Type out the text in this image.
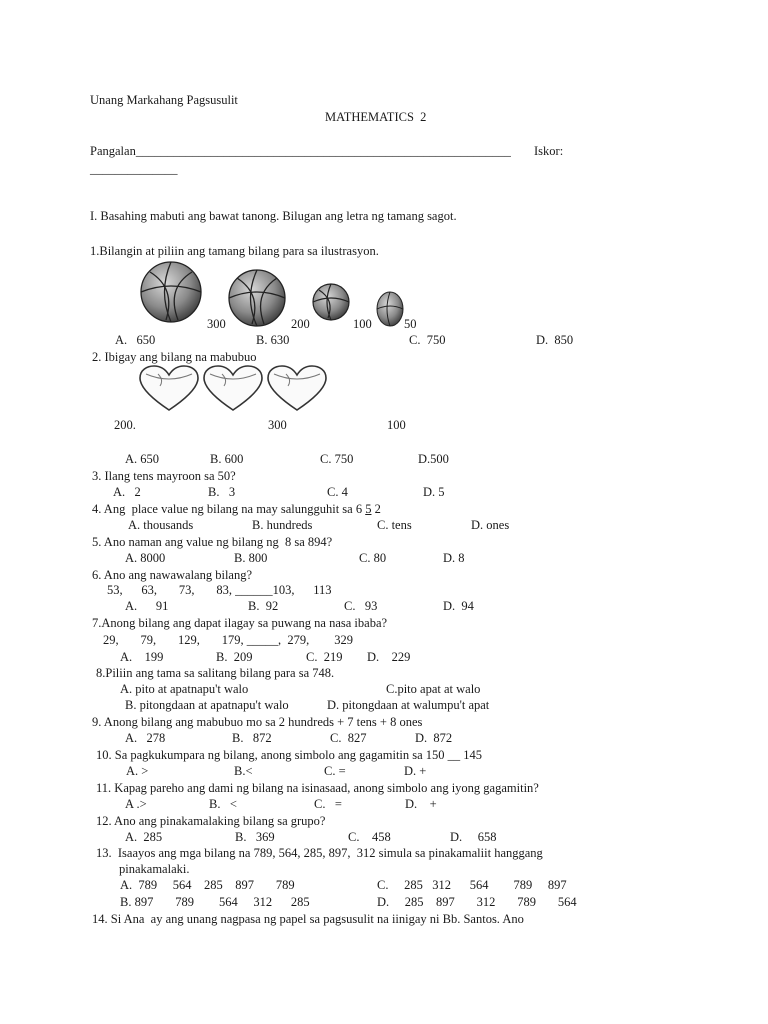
Unang Markahang Pagsusulit
MATHEMATICS  2
Pangalan____________________________________________________________ Iskor:
______________
I. Basahing mabuti ang bawat tanong. Bilugan ang letra ng tamang sagot.
1.Bilangin at piliin ang tamang bilang para sa ilustrasyon.
300	200	100	50
A.   650	B. 630	C.  750	D.  850
2. Ibigay ang bilang na mabubuo
200.	300	100
A. 650	B. 600	C. 750	D.500
3. Ilang tens mayroon sa 50?
A.   2	B.   3	C. 4	D. 5
4. Ang  place value ng bilang na may salungguhit sa 6 5 2
A. thousands	B. hundreds	C. tens	D. ones
5. Ano naman ang value ng bilang ng  8 sa 894?
A. 8000	B. 800	C. 80	D. 8
6. Ano ang nawawalang bilang?
53,      63,       73,       83, ______103,      113
A.      91	B.  92	C.   93	D.  94
7.Anong bilang ang dapat ilagay sa puwang na nasa ibaba?
29,       79,       129,       179, _____,  279,        329
A.    199	B.  209	C.  219 D.    229
8.Piliin ang tama sa salitang bilang para sa 748.
A. pito at apatnapu't walo	C.pito apat at walo
B. pitongdaan at apatnapu't walo	D. pitongdaan at walumpu't apat
9. Anong bilang ang mabubuo mo sa 2 hundreds + 7 tens + 8 ones
A.   278	B.   872	C.  827	D.  872
10. Sa pagkukumpara ng bilang, anong simbolo ang gagamitin sa 150 __ 145
A. >	B.<	C. =	D. +
11. Kapag pareho ang dami ng bilang na isinasaad, anong simbolo ang iyong gagamitin?
A .>	B.   <	C.   =	D.    +
12. Ano ang pinakamalaking bilang sa grupo?
A.  285	B.   369	C.    458	D.     658
13.  Isaayos ang mga bilang na 789, 564, 285, 897,  312 simula sa pinakamaliit hanggang
pinakamalaki.
A.  789     564    285    897       789	C.     285   312      564        789     897
B. 897       789        564     312      285	D.     285    897       312       789       564
14. Si Ana  ay ang unang nagpasa ng papel sa pagsusulit na iinigay ni Bb. Santos. Ano
